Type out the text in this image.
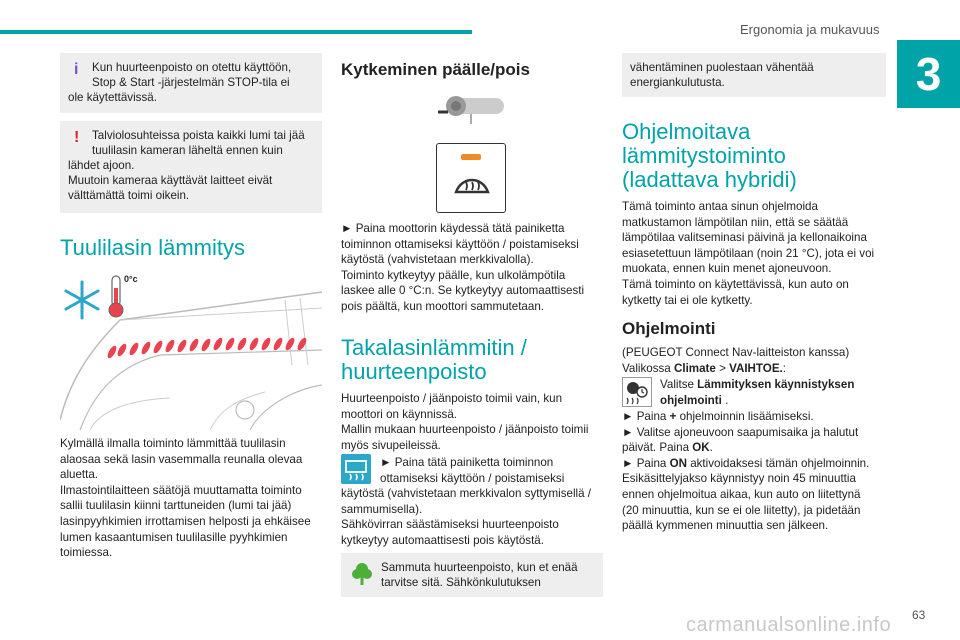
Ergonomia ja mukavuus
3
i	Kun huurteenpoisto on otettu käyttöön,

Stop & Start -järjestelmän STOP-tila ei

ole käytettävissä.

!	Talviolosuhteissa poista kaikki lumi tai jää

tuulilasin kameran läheltä ennen kuin

lähdet ajoon.

Muutoin kameraa käyttävät laitteet eivät

välttämättä toimi oikein.

Tuulilasin lämmitys
0°c

Kylmällä ilmalla toiminto lämmittää tuulilasin

alaosaa sekä lasin vasemmalla reunalla olevaa

aluetta.

Ilmastointilaitteen säätöjä muuttamatta toiminto

sallii tuulilasin kiinni tarttuneiden (lumi tai jää)

lasinpyyhkimien irrottamisen helposti ja ehkäisee

lumen kasaantumisen tuulilasille pyyhkimien

toimiessa.

Kytkeminen päälle/pois

► Paina moottorin käydessä tätä painiketta

toiminnon ottamiseksi käyttöön / poistamiseksi

käytöstä (vahvistetaan merkkivalolla).

Toiminto kytkeytyy päälle, kun ulkolämpötila

laskee alle 0 °C:n. Se kytkeytyy automaattisesti

pois päältä, kun moottori sammutetaan.

Takalasinlämmitin /
huurteenpoisto

Huurteenpoisto / jäänpoisto toimii vain, kun

moottori on käynnissä.

Mallin mukaan huurteenpoisto / jäänpoisto toimii

myös sivupeileissä.

► Paina tätä painiketta toiminnon

ottamiseksi käyttöön / poistamiseksi

käytöstä (vahvistetaan merkkivalon syttymisellä /

sammumisella).

Sähkövirran säästämiseksi huurteenpoisto

kytkeytyy automaattisesti pois käytöstä.

Sammuta huurteenpoisto, kun et enää

tarvitse sitä. Sähkönkulutuksen

vähentäminen puolestaan vähentää

energiankulutusta.

Ohjelmoitava
lämmitystoiminto
(ladattava hybridi)

Tämä toiminto antaa sinun ohjelmoida

matkustamon lämpötilan niin, että se säätää

lämpötilaa valitseminasi päivinä ja kellonaikoina

esiasetettuun lämpötilaan (noin 21 °C), jota ei voi

muokata, ennen kuin menet ajoneuvoon.

Tämä toiminto on käytettävissä, kun auto on

kytketty tai ei ole kytketty.

Ohjelmointi

(PEUGEOT Connect Nav-laitteiston kanssa)

Valikossa Climate > VAIHTOE.:

Valitse Lämmityksen käynnistyksen

ohjelmointi .

► Paina + ohjelmoinnin lisäämiseksi.

► Valitse ajoneuvoon saapumisaika ja halutut

päivät. Paina OK.

► Paina ON aktivoidaksesi tämän ohjelmoinnin.

Esikäsittelyjakso käynnistyy noin 45 minuuttia

ennen ohjelmoitua aikaa, kun auto on liitettynä

(20 minuuttia, kun se ei ole liitetty), ja pidetään

päällä kymmenen minuuttia sen jälkeen.

carmanualsonline.info 63
